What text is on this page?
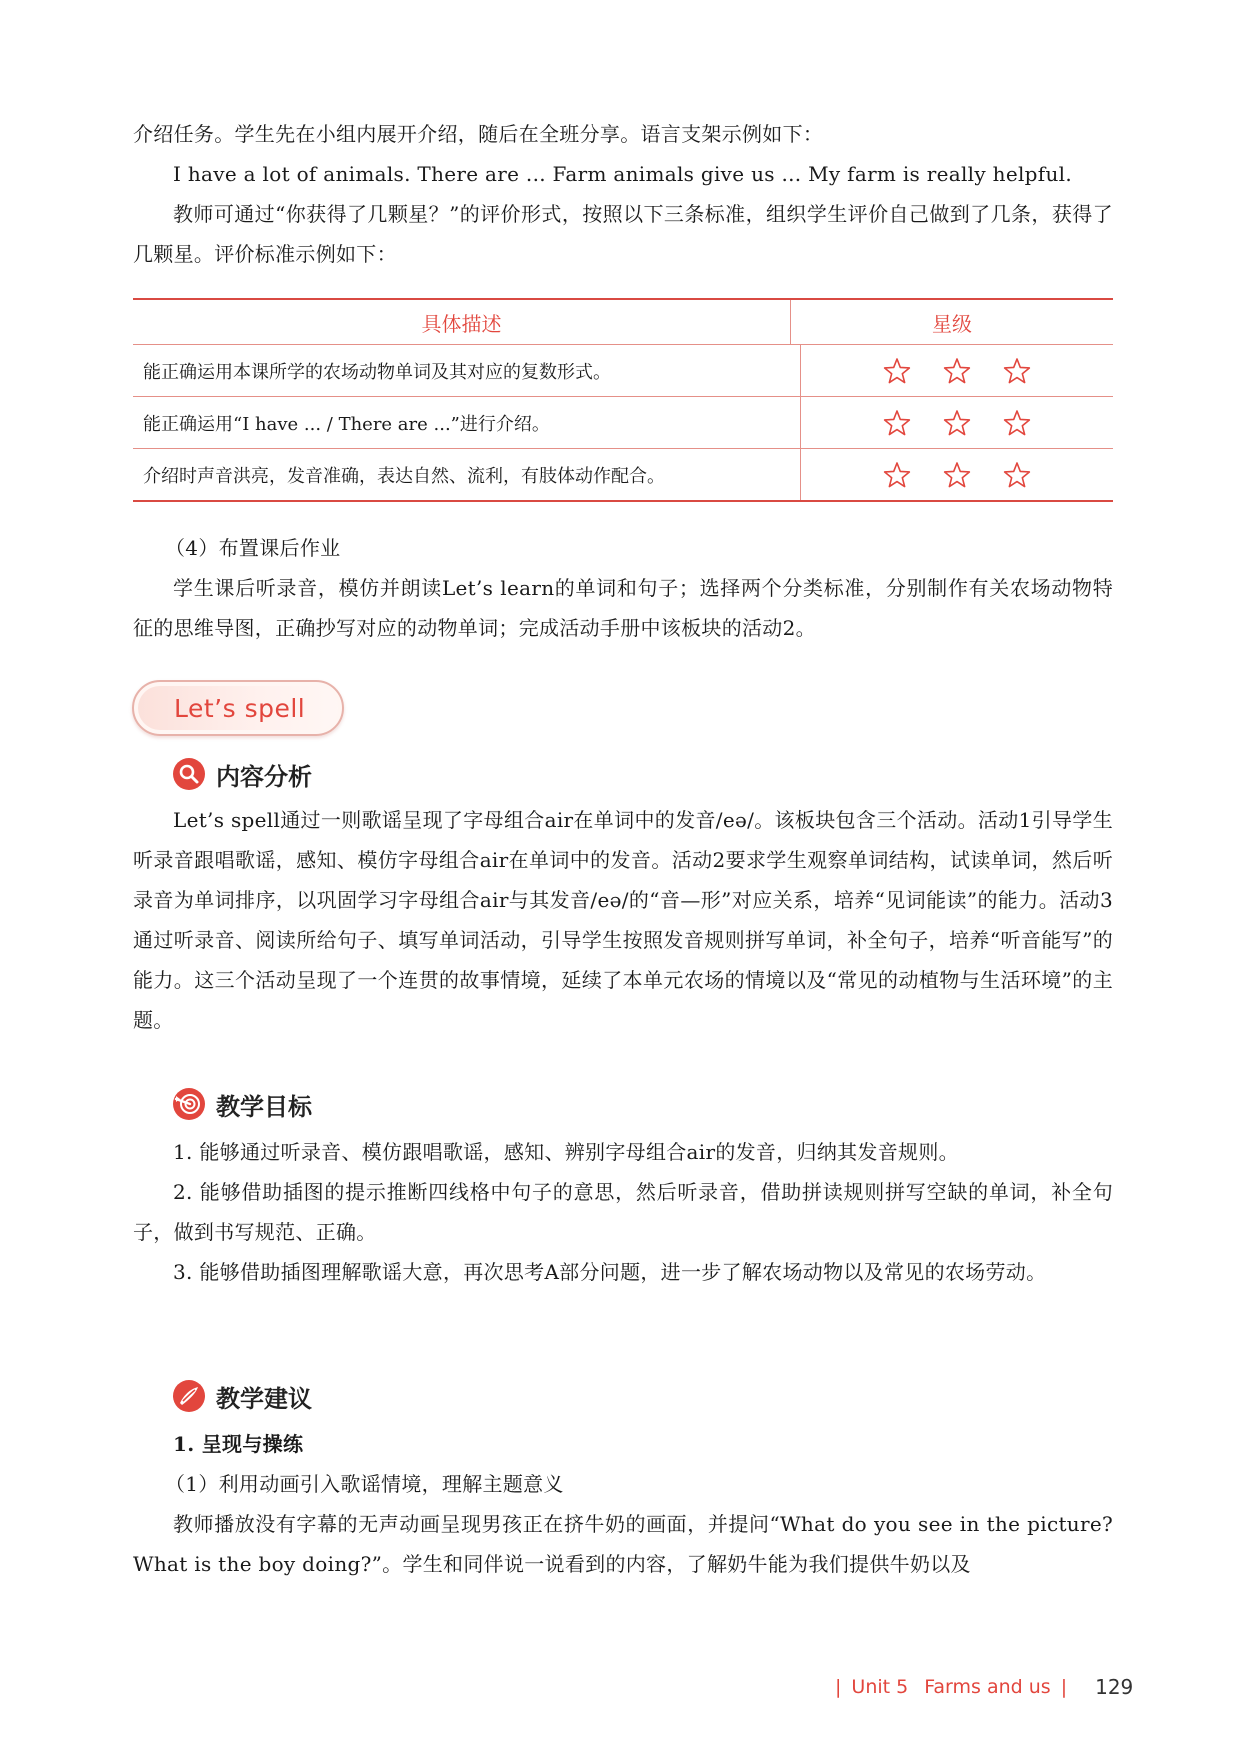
介绍任务。学生先在小组内展开介绍，随后在全班分享。语言支架示例如下：

I have a lot of animals. There are ... Farm animals give us ... My farm is really helpful.

教师可通过“你获得了几颗星？”的评价形式，按照以下三条标准，组织学生评价自己做到了几条，获得了几颗星。评价标准示例如下：

具体描述	星级
能正确运用本课所学的农场动物单词及其对应的复数形式。
能正确运用“I have ... / There are ...”进行介绍。
介绍时声音洪亮，发音准确，表达自然、流利，有肢体动作配合。

（4）布置课后作业

学生课后听录音，模仿并朗读Let’s learn的单词和句子；选择两个分类标准，分别制作有关农场动物特征的思维导图，正确抄写对应的动物单词；完成活动手册中该板块的活动2。

Let’s spell
内容分析

Let’s spell通过一则歌谣呈现了字母组合air在单词中的发音/eə/。该板块包含三个活动。活动1引导学生听录音跟唱歌谣，感知、模仿字母组合air在单词中的发音。活动2要求学生观察单词结构，试读单词，然后听录音为单词排序，以巩固学习字母组合air与其发音/eə/的“音—形”对应关系，培养“见词能读”的能力。活动3通过听录音、阅读所给句子、填写单词活动，引导学生按照发音规则拼写单词，补全句子，培养“听音能写”的能力。这三个活动呈现了一个连贯的故事情境，延续了本单元农场的情境以及“常见的动植物与生活环境”的主题。

教学目标

1. 能够通过听录音、模仿跟唱歌谣，感知、辨别字母组合air的发音，归纳其发音规则。

2. 能够借助插图的提示推断四线格中句子的意思，然后听录音，借助拼读规则拼写空缺的单词，补全句子，做到书写规范、正确。

3. 能够借助插图理解歌谣大意，再次思考A部分问题，进一步了解农场动物以及常见的农场劳动。

教学建议

1. 呈现与操练

（1）利用动画引入歌谣情境，理解主题意义

教师播放没有字幕的无声动画呈现男孩正在挤牛奶的画面，并提问“What do you see in the picture? What is the boy doing?”。学生和同伴说一说看到的内容，了解奶牛能为我们提供牛奶以及

| Unit 5 Farms and us | 129
